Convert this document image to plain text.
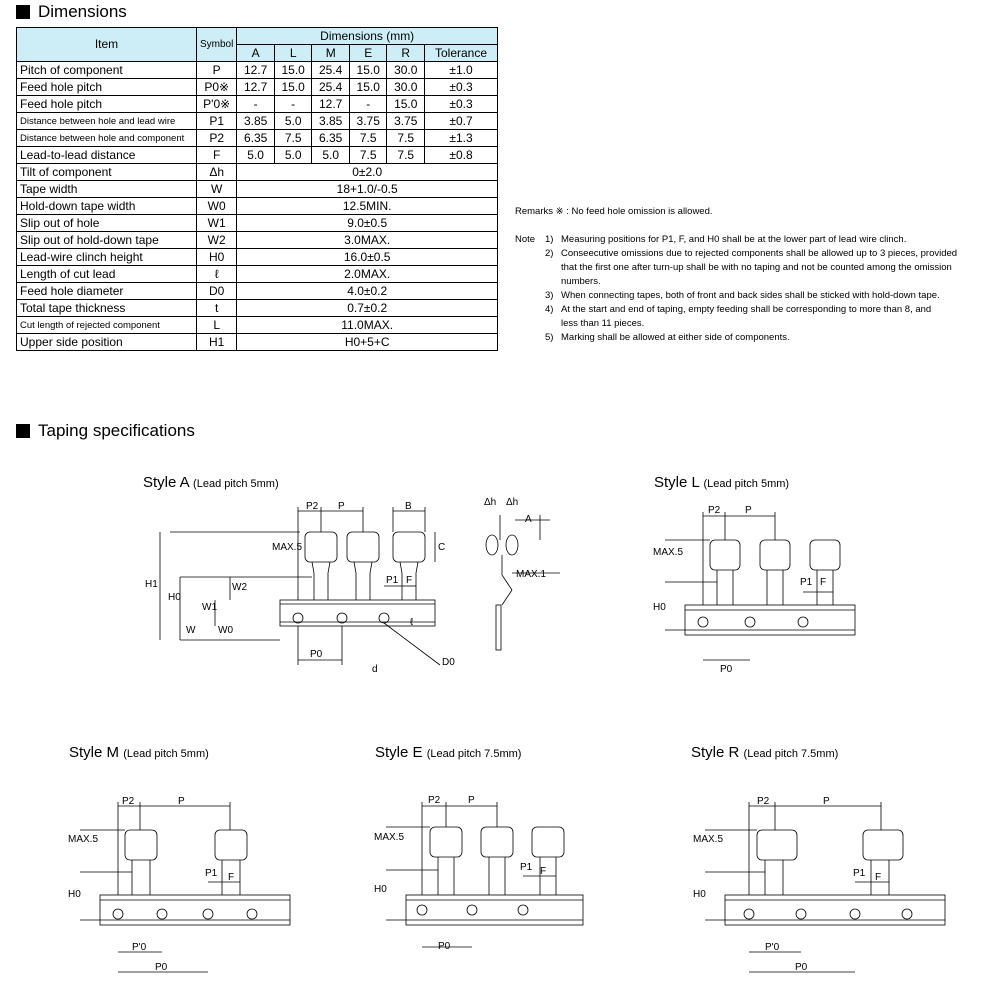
Dimensions
Item	Symbol	Dimensions (mm)					
		A	L	M	E	R	Tolerance
Pitch of component	P	12.7	15.0	25.4	15.0	30.0	±1.0
Feed hole pitch	P0※	12.7	15.0	25.4	15.0	30.0	±0.3
Feed hole pitch	P'0※	-	-	12.7	-	15.0	±0.3
Distance between hole and lead wire	P1	3.85	5.0	3.85	3.75	3.75	±0.7
Distance between hole and component	P2	6.35	7.5	6.35	7.5	7.5	±1.3
Lead-to-lead distance	F	5.0	5.0	5.0	7.5	7.5	±0.8
Tilt of component	Δh	0±2.0					
Tape width	W	18+1.0/-0.5					
Hold-down tape width	W0	12.5MIN.					
Slip out of hole	W1	9.0±0.5					
Slip out of hold-down tape	W2	3.0MAX.					
Lead-wire clinch height	H0	16.0±0.5					
Length of cut lead	ℓ	2.0MAX.					
Feed hole diameter	D0	4.0±0.2					
Total tape thickness	t	0.7±0.2					
Cut length of rejected component	L	11.0MAX.					
Upper side position	H1	H0+5+C					
Remarks ※ : No feed hole omission is allowed.
Note	1) Measuring positions for P1, F, and H0 shall be at the lower part of lead wire clinch.
2) Conseecutive omissions due to rejected components shall be allowed up to 3 pieces, provided
that the first one after turn-up shall be with no taping and not be counted among the omission
numbers.
3) When connecting tapes, both of front and back sides shall be sticked with hold-down tape.
4) At the start and end of taping, empty feeding shall be corresponding to more than 8, and
less than 11 pieces.
5) Marking shall be allowed at either side of components.
Taping specifications
Style A (Lead pitch 5mm)	Style L (Lead pitch 5mm)
Style M (Lead pitch 5mm)	Style E (Lead pitch 7.5mm)	Style R (Lead pitch 7.5mm)
P2 P	B
C
P1 F
P0
d
D0
ℓ
H1
H0
W
W1
W0
W2
MAX.5
MAX.1
Δh Δh
A
P2 P
P1 F
P0
H0
MAX.5
P2	P
P1 F
P'0
P0
H0
MAX.5
P2	P
P1 F
P0
H0
MAX.5
P2	P
P1 F
P'0
P0
H0
MAX.5
